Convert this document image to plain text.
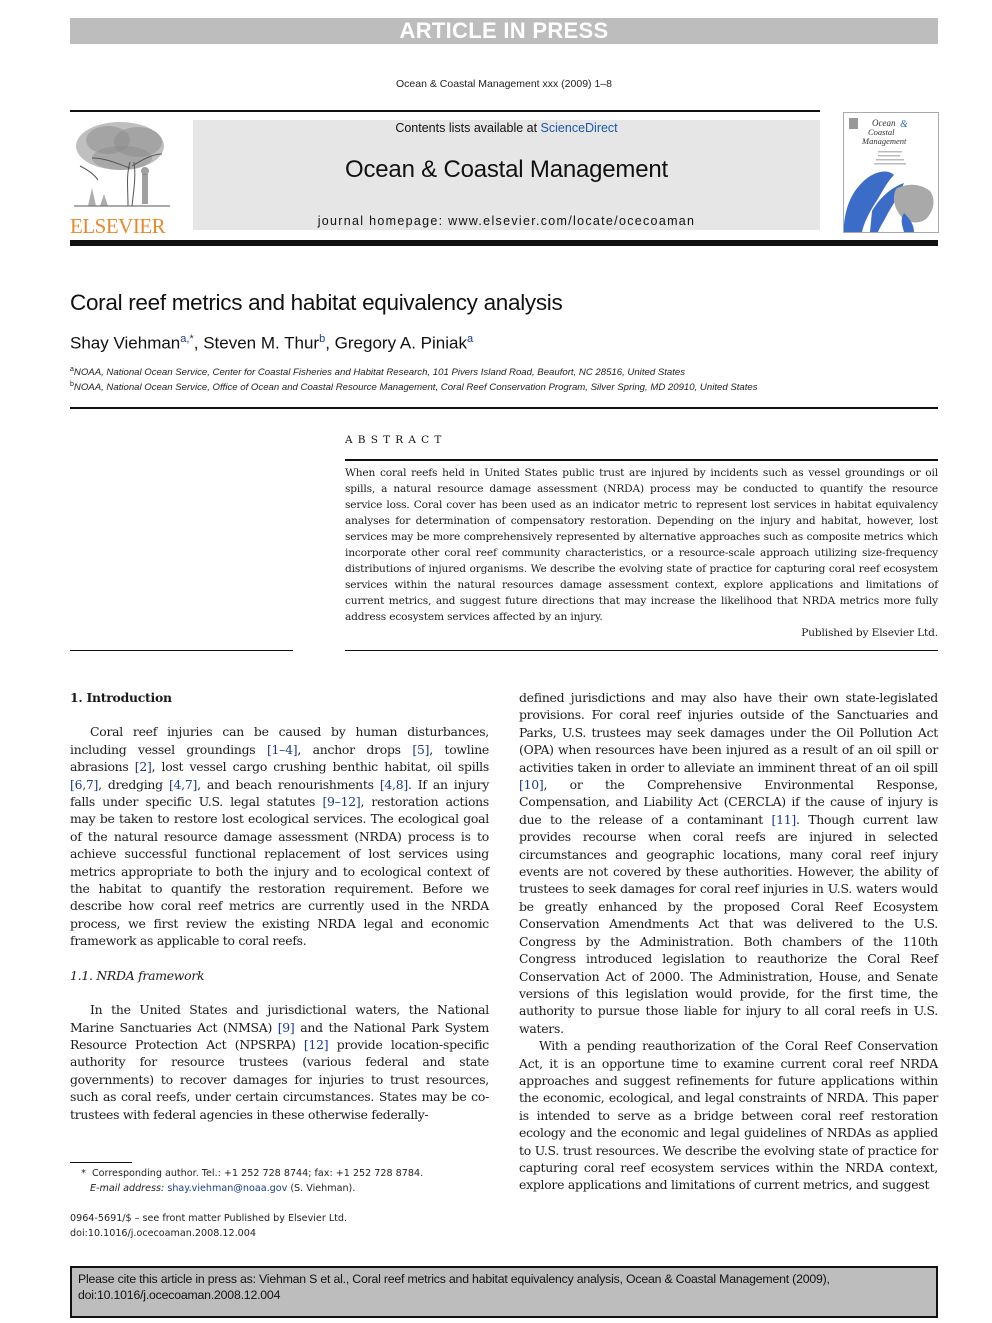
ARTICLE IN PRESS
Ocean & Coastal Management xxx (2009) 1–8
ELSEVIER
Contents lists available at ScienceDirect
Ocean & Coastal Management
journal homepage: www.elsevier.com/locate/ocecoaman
Ocean &
Coastal
Management
Coral reef metrics and habitat equivalency analysis
Shay Viehman$^{a,*}$, Steven M. Thur$^b$, Gregory A. Piniak$^a$
$^a$NOAA, National Ocean Service, Center for Coastal Fisheries and Habitat Research, 101 Pivers Island Road, Beaufort, NC 28516, United States
$^b$NOAA, National Ocean Service, Office of Ocean and Coastal Resource Management, Coral Reef Conservation Program, Silver Spring, MD 20910, United States
ABSTRACT
When coral reefs held in United States public trust are injured by incidents such as vessel groundings or oil spills, a natural resource damage assessment (NRDA) process may be conducted to quantify the resource service loss. Coral cover has been used as an indicator metric to represent lost services in habitat equivalency analyses for determination of compensatory restoration. Depending on the injury and habitat, however, lost services may be more comprehensively represented by alternative approaches such as composite metrics which incorporate other coral reef community characteristics, or a resource-scale approach utilizing size-frequency distributions of injured organisms. We describe the evolving state of practice for capturing coral reef ecosystem services within the natural resources damage assessment context, explore applications and limitations of current metrics, and suggest future directions that may increase the likelihood that NRDA metrics more fully address ecosystem services affected by an injury.
Published by Elsevier Ltd.
1. Introduction

Coral reef injuries can be caused by human disturbances, including vessel groundings [1–4], anchor drops [5], towline abrasions [2], lost vessel cargo crushing benthic habitat, oil spills [6,7], dredging [4,7], and beach renourishments [4,8]. If an injury falls under specific U.S. legal statutes [9–12], restoration actions may be taken to restore lost ecological services. The ecological goal of the natural resource damage assessment (NRDA) process is to achieve successful functional replacement of lost services using metrics appropriate to both the injury and to ecological context of the habitat to quantify the restoration requirement. Before we describe how coral reef metrics are currently used in the NRDA process, we first review the existing NRDA legal and economic framework as applicable to coral reefs.

1.1. NRDA framework

In the United States and jurisdictional waters, the National Marine Sanctuaries Act (NMSA) [9] and the National Park System Resource Protection Act (NPSRPA) [12] provide location-specific authority for resource trustees (various federal and state governments) to recover damages for injuries to trust resources, such as coral reefs, under certain circumstances. States may be co-trustees with federal agencies in these otherwise federally-

defined jurisdictions and may also have their own state-legislated provisions. For coral reef injuries outside of the Sanctuaries and Parks, U.S. trustees may seek damages under the Oil Pollution Act (OPA) when resources have been injured as a result of an oil spill or activities taken in order to alleviate an imminent threat of an oil spill [10], or the Comprehensive Environmental Response, Compensation, and Liability Act (CERCLA) if the cause of injury is due to the release of a contaminant [11]. Though current law provides recourse when coral reefs are injured in selected circumstances and geographic locations, many coral reef injury events are not covered by these authorities. However, the ability of trustees to seek damages for coral reef injuries in U.S. waters would be greatly enhanced by the proposed Coral Reef Ecosystem Conservation Amendments Act that was delivered to the U.S. Congress by the Administration. Both chambers of the 110th Congress introduced legislation to reauthorize the Coral Reef Conservation Act of 2000. The Administration, House, and Senate versions of this legislation would provide, for the first time, the authority to pursue those liable for injury to all coral reefs in U.S. waters.

With a pending reauthorization of the Coral Reef Conservation Act, it is an opportune time to examine current coral reef NRDA approaches and suggest refinements for future applications within the economic, ecological, and legal constraints of NRDA. This paper is intended to serve as a bridge between coral reef restoration ecology and the economic and legal guidelines of NRDAs as applied to U.S. trust resources. We describe the evolving state of practice for capturing coral reef ecosystem services within the NRDA context, explore applications and limitations of current metrics, and suggest

* Corresponding author. Tel.: +1 252 728 8744; fax: +1 252 728 8784.
E-mail address: shay.viehman@noaa.gov (S. Viehman).
0964-5691/$ – see front matter Published by Elsevier Ltd.
doi:10.1016/j.ocecoaman.2008.12.004
Please cite this article in press as: Viehman S et al., Coral reef metrics and habitat equivalency analysis, Ocean & Coastal Management (2009), doi:10.1016/j.ocecoaman.2008.12.004
